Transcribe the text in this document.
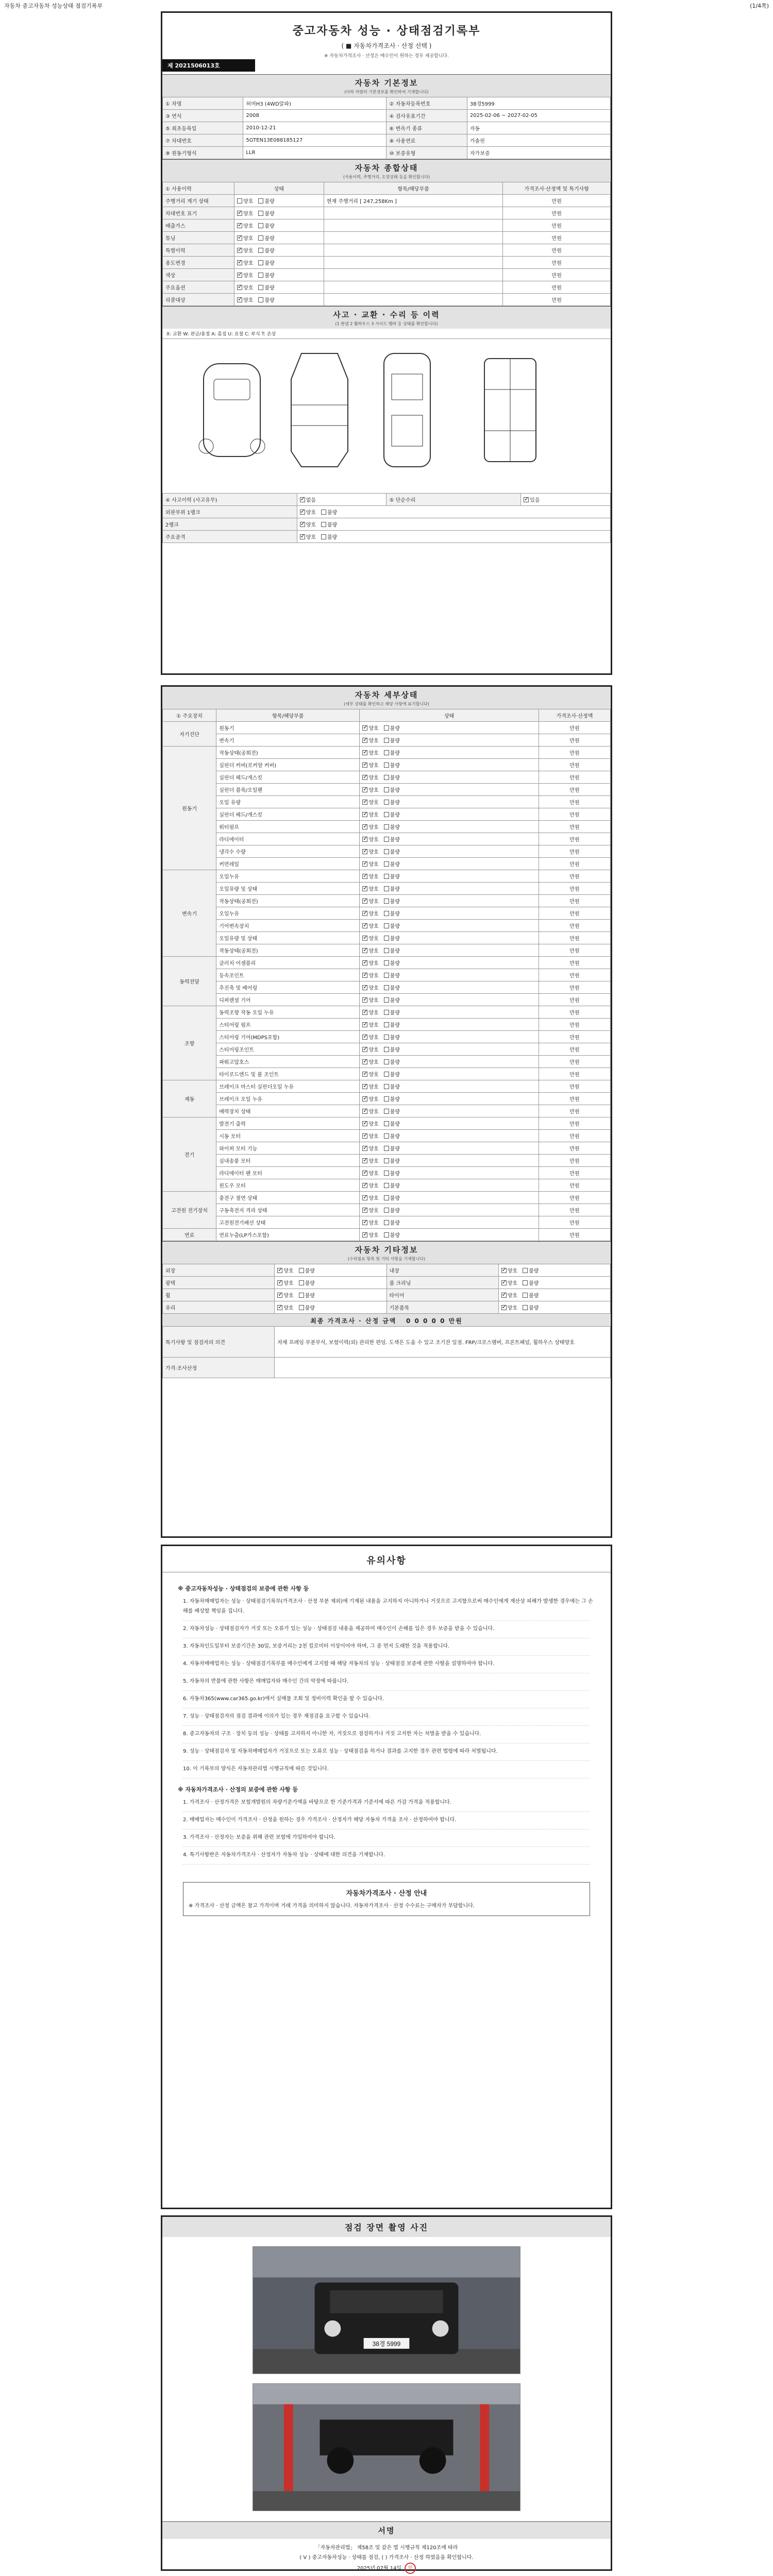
자동차 중고자동차 성능상태 점검기록부	(1/4쪽)
중고자동차 성능 · 상태점검기록부
( ■ 자동차가격조사 · 산정 선택 )
※ 자동차가격조사 · 산정은 매수인이 원하는 경우 제공합니다.
제 2021506013호
자동차 기본정보
(이하 차량의 기본정보를 확인하여 기재합니다)
① 차명	허머H3 (4WD알파)	② 자동차등록번호	38경5999
③ 연식	2008	④ 검사유효기간	2025-02-06 ~ 2027-02-05
⑤ 최초등록일	2010-12-21	⑥ 변속기 종류	자동
⑦ 차대번호	5GTEN13E088185127	⑧ 사용연료	가솔린
⑨ 원동기형식	LLR	⑩ 보증유형	자가보증
자동차 종합상태
(사용이력, 주행거리, 도장상태 등을 확인합니다)
① 사용이력	상태	항목/해당부품	가격조사·산정액 및 특기사항
주행거리 계기 상태	양호 불량	현재 주행거리 [ 247,258Km ]	만원
차대번호 표기	✓양호 불량		만원
배출가스	✓양호 불량		만원
튜닝	✓양호 불량		만원
특별이력	✓양호 불량		만원
용도변경	✓양호 불량		만원
색상	✓양호 불량		만원
주요옵션	✓양호 불량		만원
리콜대상	✓양호 불량		만원
사고 · 교환 · 수리 등 이력
(1 판넬 2 휠하우스 3 사이드 멤버 등 상태를 확인합니다)
X: 교환 W: 판금/용접 A: 흠집 U: 요철 C: 부식 T: 손상
④ 사고이력 (사고유무)	✓없음	⑤ 단순수리	✓있음
외판부위 1랭크	✓양호 불량
2랭크	✓양호 불량
주요골격	✓양호 불량
자동차 세부상태
(세부 상태를 확인하고 해당 사항에 표기합니다)
① 주요장치	항목/해당부품	상태	가격조사·산정액
자기진단	원동기	✓양호 불량	만원
	변속기	✓양호 불량	만원
원동기	작동상태(공회전)	✓양호 불량	만원
	실린더 커버(로커암 커버)	✓양호 불량	만원
	실린더 헤드/개스킷	✓양호 불량	만원
	실린더 블록/오일팬	✓양호 불량	만원
	오일 유량	✓양호 불량	만원
	실린더 헤드/개스킷	✓양호 불량	만원
	워터펌프	✓양호 불량	만원
	라디에이터	✓양호 불량	만원
	냉각수 수량	✓양호 불량	만원
	커먼레일	✓양호 불량	만원
변속기	오일누유	✓양호 불량	만원
	오일유량 및 상태	✓양호 불량	만원
	작동상태(공회전)	✓양호 불량	만원
	오일누유	✓양호 불량	만원
	기어변속장치	✓양호 불량	만원
	오일유량 및 상태	✓양호 불량	만원
	작동상태(공회전)	✓양호 불량	만원
동력전달	클러치 어셈블리	✓양호 불량	만원
	등속조인트	✓양호 불량	만원
	추진축 및 베어링	✓양호 불량	만원
	디퍼렌셜 기어	✓양호 불량	만원
조향	동력조향 작동 오일 누유	✓양호 불량	만원
	스티어링 펌프	✓양호 불량	만원
	스티어링 기어(MDPS포함)	✓양호 불량	만원
	스티어링조인트	✓양호 불량	만원
	파워고압호스	✓양호 불량	만원
	타이로드엔드 및 볼 조인트	✓양호 불량	만원
제동	브레이크 마스터 실린더오일 누유	✓양호 불량	만원
	브레이크 오일 누유	✓양호 불량	만원
	배력장치 상태	✓양호 불량	만원
전기	발전기 출력	✓양호 불량	만원
	시동 모터	✓양호 불량	만원
	와이퍼 모터 기능	✓양호 불량	만원
	실내송풍 모터	✓양호 불량	만원
	라디에이터 팬 모터	✓양호 불량	만원
	윈도우 모터	✓양호 불량	만원
고전원 전기장치	충전구 절연 상태	✓양호 불량	만원
	구동축전지 격리 상태	✓양호 불량	만원
	고전원전기배선 상태	✓양호 불량	만원
연료	연료누출(LP가스포함)	✓양호 불량	만원
자동차 기타정보
(수리필요 항목 및 기타 사항을 기재합니다)
외장	✓양호 불량	내장	✓양호 불량
광택	✓양호 불량	룸 크리닝	✓양호 불량
휠	✓양호 불량	타이어	✓양호 불량
유리	✓양호 불량	기본품목	✓양호 불량
최종 가격조사 · 산정 금액 0 0 0 0 0 만원
특기사항 및 점검자의 의견	차체 프레임 부분부식, 보험이력(외) 관리한 편임. 도색은 도움 수 있고 조기잔 일점. FRP/크로스멤버, 프론트패널, 휠하우스 상태양호
가격·조사산정	
유의사항
※ 중고자동차성능 · 상태점검의 보증에 관한 사항 등

1. 자동차매매업자는 성능 · 상태점검기록부(가격조사 · 산정 부분 제외)에 기재된 내용을 고지하지 아니하거나 거짓으로 고지함으로써 매수인에게 재산상 피해가 발생한 경우에는 그 손해를 배상할 책임을 집니다.

2. 자동차성능 · 상태점검자가 거짓 또는 오류가 있는 성능 · 상태점검 내용을 제공하여 매수인이 손해를 입은 경우 보증을 받을 수 있습니다.

3. 자동차인도일부터 보증기간은 30일, 보증거리는 2천 킬로미터 이상이어야 하며, 그 중 먼저 도래한 것을 적용합니다.

4. 자동차매매업자는 성능 · 상태점검기록부를 매수인에게 고지할 때 해당 자동차의 성능 · 상태점검 보증에 관한 사항을 설명하여야 합니다.

5. 자동차의 반품에 관한 사항은 매매업자와 매수인 간의 약정에 따릅니다.

6. 자동차365(www.car365.go.kr)에서 실매물 조회 및 정비이력 확인을 할 수 있습니다.

7. 성능 · 상태점검자의 점검 결과에 이의가 있는 경우 재점검을 요구할 수 있습니다.

8. 중고자동차의 구조 · 장치 등의 성능 · 상태를 고지하지 아니한 자, 거짓으로 점검하거나 거짓 고지한 자는 처벌을 받을 수 있습니다.

9. 성능 · 상태점검자 및 자동차매매업자가 거짓으로 또는 오류로 성능 · 상태점검을 하거나 결과를 고지한 경우 관련 법령에 따라 처벌됩니다.

10. 이 기록부의 양식은 자동차관리법 시행규칙에 따른 것입니다.

※ 자동차가격조사 · 산정의 보증에 관한 사항 등

1. 가격조사 · 산정가격은 보험개발원의 차량기준가액을 바탕으로 한 기준가격과 기준서에 따른 가감 가격을 적용합니다.

2. 매매업자는 매수인이 가격조사 · 산정을 원하는 경우 가격조사 · 산정자가 해당 자동차 가격을 조사 · 산정하여야 합니다.

3. 가격조사 · 산정자는 보증을 위해 관련 보험에 가입하여야 합니다.

4. 특기사항란은 자동차가격조사 · 산정자가 자동차 성능 · 상태에 대한 의견을 기재합니다.

자동차가격조사 · 산정 안내
※ 가격조사 · 산정 금액은 참고 가격이며 거래 가격을 의미하지 않습니다. 자동차가격조사 · 산정 수수료는 구매자가 부담합니다.
점검 장면 촬영 사진
38경 5999
서명
「자동차관리법」 제58조 및 같은 법 시행규칙 제120조에 따라
( V ) 중고자동차성능 · 상태를 점검, ( ) 가격조사 · 산정 하였음을 확인합니다.
2025년 07월 14일 인
